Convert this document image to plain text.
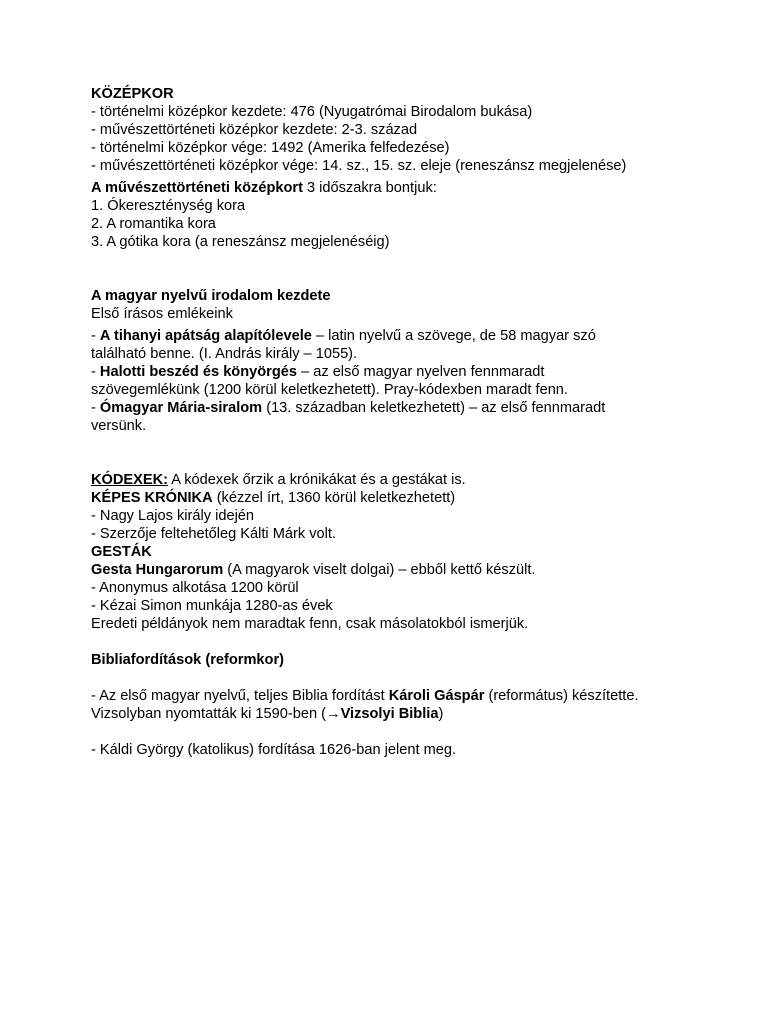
KÖZÉPKOR
- történelmi középkor kezdete: 476 (Nyugatrómai Birodalom bukása)
- művészettörténeti középkor kezdete: 2-3. század
- történelmi középkor vége: 1492 (Amerika felfedezése)
- művészettörténeti középkor vége: 14. sz., 15. sz. eleje (reneszánsz megjelenése)
A művészettörténeti középkort 3 időszakra bontjuk:
1. Ókereszténység kora
2. A romantika kora
3. A gótika kora (a reneszánsz megjelenéséig)
A magyar nyelvű irodalom kezdete
Első írásos emlékeink
- A tihanyi apátság alapítólevele – latin nyelvű a szövege, de 58 magyar szó
található benne. (I. András király – 1055).
- Halotti beszéd és könyörgés – az első magyar nyelven fennmaradt
szövegemlékünk (1200 körül keletkezhetett). Pray-kódexben maradt fenn.
- Ómagyar Mária-siralom (13. században keletkezhetett) – az első fennmaradt
versünk.
KÓDEXEK: A kódexek őrzik a krónikákat és a gestákat is.
KÉPES KRÓNIKA (kézzel írt, 1360 körül keletkezhetett)
- Nagy Lajos király idején
- Szerzője feltehetőleg Kálti Márk volt.
GESTÁK
Gesta Hungarorum (A magyarok viselt dolgai) – ebből kettő készült.
- Anonymus alkotása 1200 körül
- Kézai Simon munkája 1280-as évek
Eredeti példányok nem maradtak fenn, csak másolatokból ismerjük.
Bibliafordítások (reformkor)
- Az első magyar nyelvű, teljes Biblia fordítást Károli Gáspár (református) készítette.
Vizsolyban nyomtatták ki 1590-ben (→Vizsolyi Biblia)
- Káldi György (katolikus) fordítása 1626-ban jelent meg.
